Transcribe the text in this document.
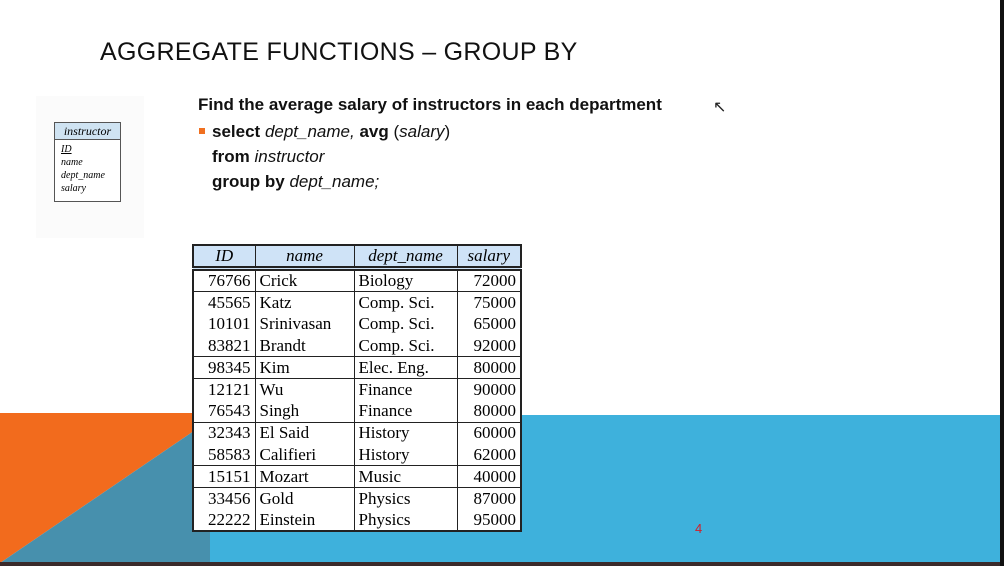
AGGREGATE FUNCTIONS – GROUP BY
instructor
ID
name
dept_name
salary
Find the average salary of instructors in each department	↖
select dept_name, avg (salary)
from instructor
group by dept_name;
ID	name	dept_name	salary
76766	Crick	Biology	72000
45565	Katz	Comp. Sci.	75000
10101	Srinivasan	Comp. Sci.	65000
83821	Brandt	Comp. Sci.	92000
98345	Kim	Elec. Eng.	80000
12121	Wu	Finance	90000
76543	Singh	Finance	80000
32343	El Said	History	60000
58583	Califieri	History	62000
15151	Mozart	Music	40000
33456	Gold	Physics	87000
22222	Einstein	Physics	95000	4
